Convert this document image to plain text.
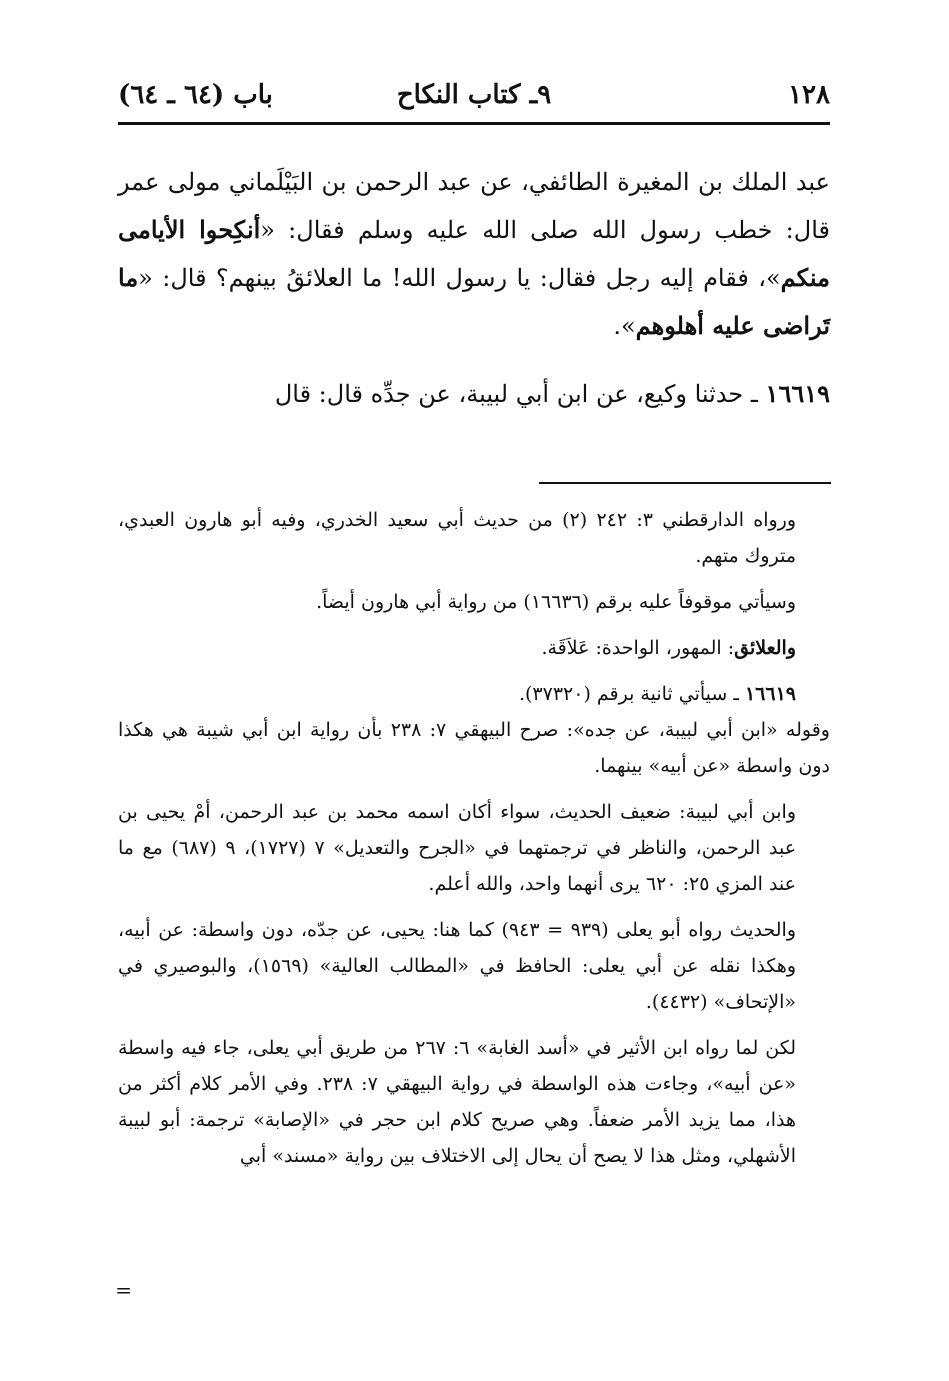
١٢٨
٩ـ كتاب النكاح
باب (٦٤ ـ ٦٤)

عبد الملك بن المغيرة الطائفي، عن عبد الرحمن بن البَيْلَماني مولى عمر قال: خطب رسول الله صلى الله عليه وسلم فقال: «أنكِحوا الأيامى منكم»، فقام إليه رجل فقال: يا رسول الله! ما العلائقُ بينهم؟ قال: «ما تَراضى عليه أهلوهم».

١٦٦١٩ ـ حدثنا وكيع، عن ابن أبي لبيبة، عن جدِّه قال: قال

ورواه الدارقطني ٣: ٢٤٢ (٢) من حديث أبي سعيد الخدري، وفيه أبو هارون العبدي، متروك متهم.

وسيأتي موقوفاً عليه برقم (١٦٦٣٦) من رواية أبي هارون أيضاً.

والعلائق: المهور، الواحدة: عَلاَقَة.

١٦٦١٩ ـ سيأتي ثانية برقم (٣٧٣٢٠).

وقوله «ابن أبي لبيبة، عن جده»: صرح البيهقي ٧: ٢٣٨ بأن رواية ابن أبي شيبة هي هكذا دون واسطة «عن أبيه» بينهما.

وابن أبي لبيبة: ضعيف الحديث، سواء أكان اسمه محمد بن عبد الرحمن، أمْ يحيى بن عبد الرحمن، والناظر في ترجمتهما في «الجرح والتعديل» ٧ (١٧٢٧)، ٩ (٦٨٧) مع ما عند المزي ٢٥: ٦٢٠ يرى أنهما واحد، والله أعلم.

والحديث رواه أبو يعلى (٩٣٩ = ٩٤٣) كما هنا: يحيى، عن جدّه، دون واسطة: عن أبيه، وهكذا نقله عن أبي يعلى: الحافظ في «المطالب العالية» (١٥٦٩)، والبوصيري في «الإتحاف» (٤٤٣٢).

لكن لما رواه ابن الأثير في «أسد الغابة» ٦: ٢٦٧ من طريق أبي يعلى، جاء فيه واسطة «عن أبيه»، وجاءت هذه الواسطة في رواية البيهقي ٧: ٢٣٨. وفي الأمر كلام أكثر من هذا، مما يزيد الأمر ضعفاً. وهي صريح كلام ابن حجر في «الإصابة» ترجمة: أبو لبيبة الأشهلي، ومثل هذا لا يصح أن يحال إلى الاختلاف بين رواية «مسند» أبي

=
